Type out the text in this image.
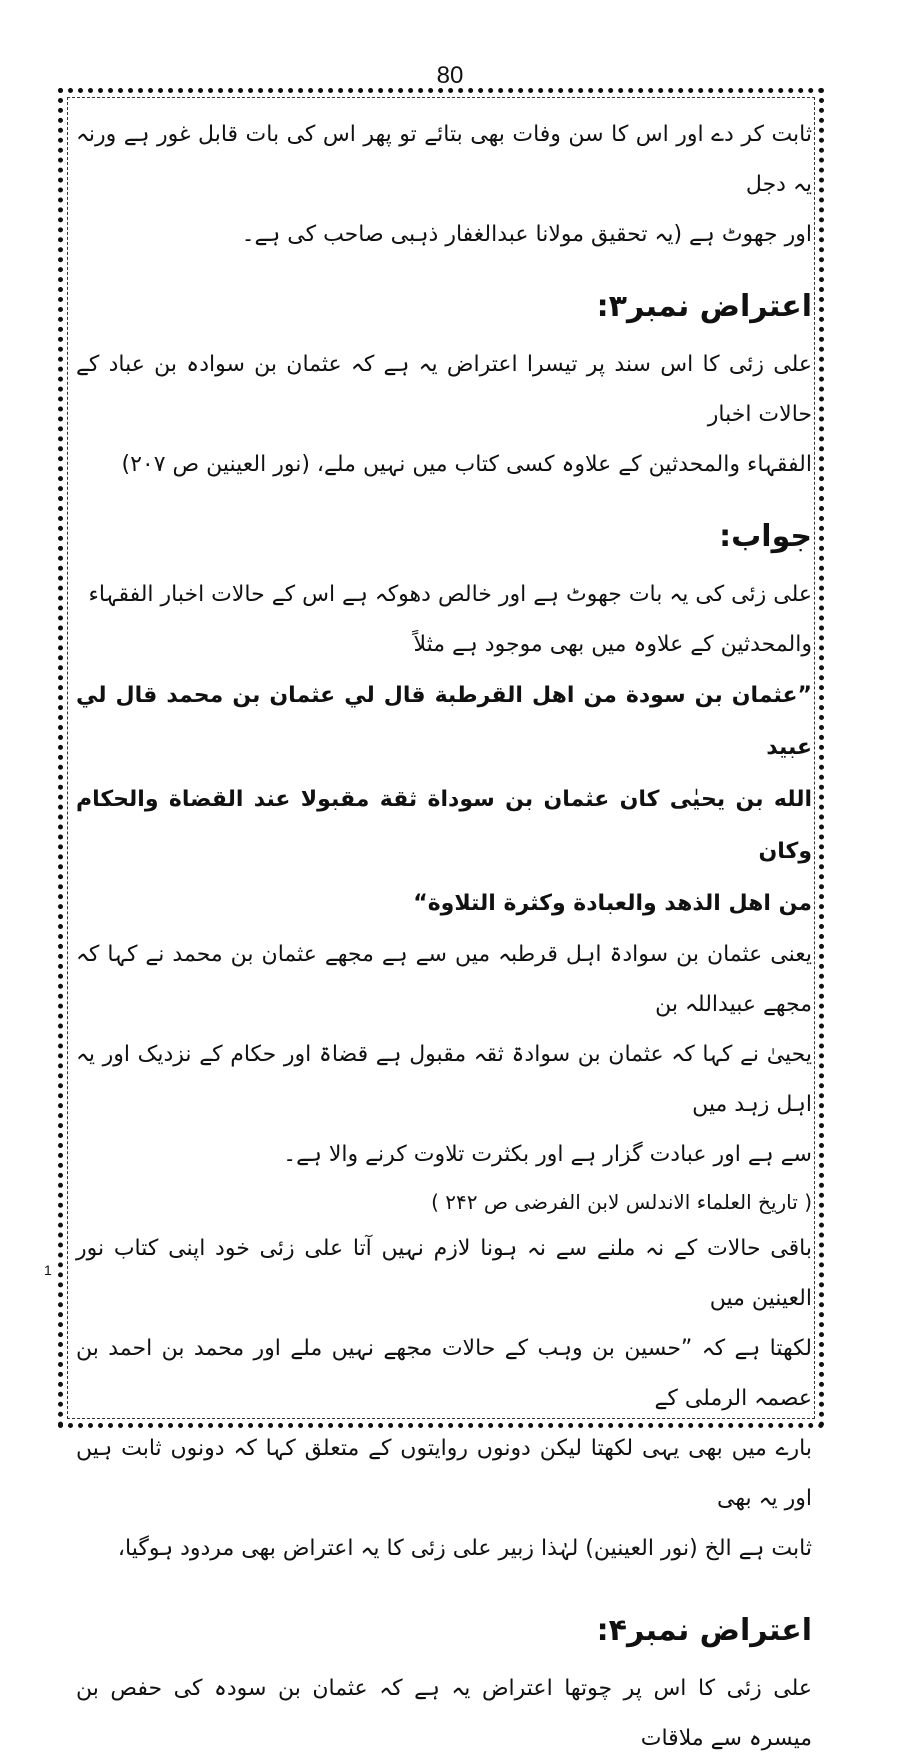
80
1

ثابت کر دے اور اس کا سن وفات بھی بتائے تو پھر اس کی بات قابل غور ہے ورنہ یہ دجل

اور جھوٹ ہے (یہ تحقیق مولانا عبدالغفار ذہبی صاحب کی ہے۔

اعتراض نمبر۳:

علی زئی کا اس سند پر تیسرا اعتراض یہ ہے کہ عثمان بن سوادہ بن عباد کے حالات اخبار

الفقہاء والمحدثین کے علاوہ کسی کتاب میں نہیں ملے، (نور العینین ص ۲۰۷)

جواب:

علی زئی کی یہ بات جھوٹ ہے اور خالص دھوکہ ہے اس کے حالات اخبار الفقہاء

والمحدثین کے علاوہ میں بھی موجود ہے مثلاً

”عثمان بن سودة من اهل القرطبة قال لي عثمان بن محمد قال لي عبيد

الله بن يحيٰى كان عثمان بن سوداة ثقة مقبولا عند القضاة والحكام وكان

من اهل الذهد والعبادة وكثرة التلاوة“

یعنی عثمان بن سوادۃ اہل قرطبہ میں سے ہے مجھے عثمان بن محمد نے کہا کہ مجھے عبیداللہ بن

یحییٰ نے کہا کہ عثمان بن سوادۃ ثقہ مقبول ہے قضاۃ اور حکام کے نزدیک اور یہ اہل زہد میں

سے ہے اور عبادت گزار ہے اور بکثرت تلاوت کرنے والا ہے۔

( تاریخ العلماء الاندلس لابن الفرضی ص ۲۴۲ )

باقی حالات کے نہ ملنے سے نہ ہونا لازم نہیں آتا علی زئی خود اپنی کتاب نور العینین میں

لکھتا ہے کہ ”حسین بن وہب کے حالات مجھے نہیں ملے اور محمد بن احمد بن عصمہ الرملی کے

بارے میں بھی یہی لکھتا لیکن دونوں روایتوں کے متعلق کہا کہ دونوں ثابت ہیں اور یہ بھی

ثابت ہے الخ (نور العینین) لہٰذا زبیر علی زئی کا یہ اعتراض بھی مردود ہوگیا،

اعتراض نمبر۴:

علی زئی کا اس پر چوتھا اعتراض یہ ہے کہ عثمان بن سودہ کی حفص بن میسرہ سے ملاقات
